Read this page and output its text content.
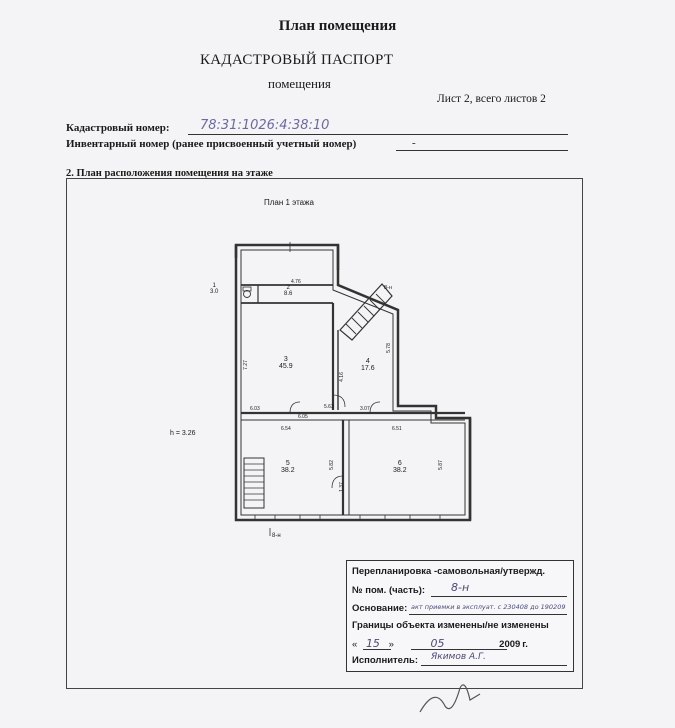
План помещения
КАДАСТРОВЫЙ ПАСПОРТ
помещения
Лист 2, всего листов 2
Кадастровый номер: 78:31:1026:4:38:10
Инвентарный номер (ранее присвоенный учетный номер)	-
2. План расположения помещения на этаже
План 1 этажа
h = 3.26
8-н
8-н
1
3.0
2
8.6
3
45.9
4
17.6
5
38.2
6
38.2
4.76
7.27
6.03
6.05
6.54
3.07
6.51
5.82	5.87
1.37
4.16
5.78
5.63
Перепланировка -самовольная/утвержд.
№ пом. (часть): 8-н
Основание: акт приемки в эксплуат. с 230408 до 190209
Границы объекта изменены/не изменены
« 15 »	05	2009 г.
Исполнитель: Якимов А.Г.
